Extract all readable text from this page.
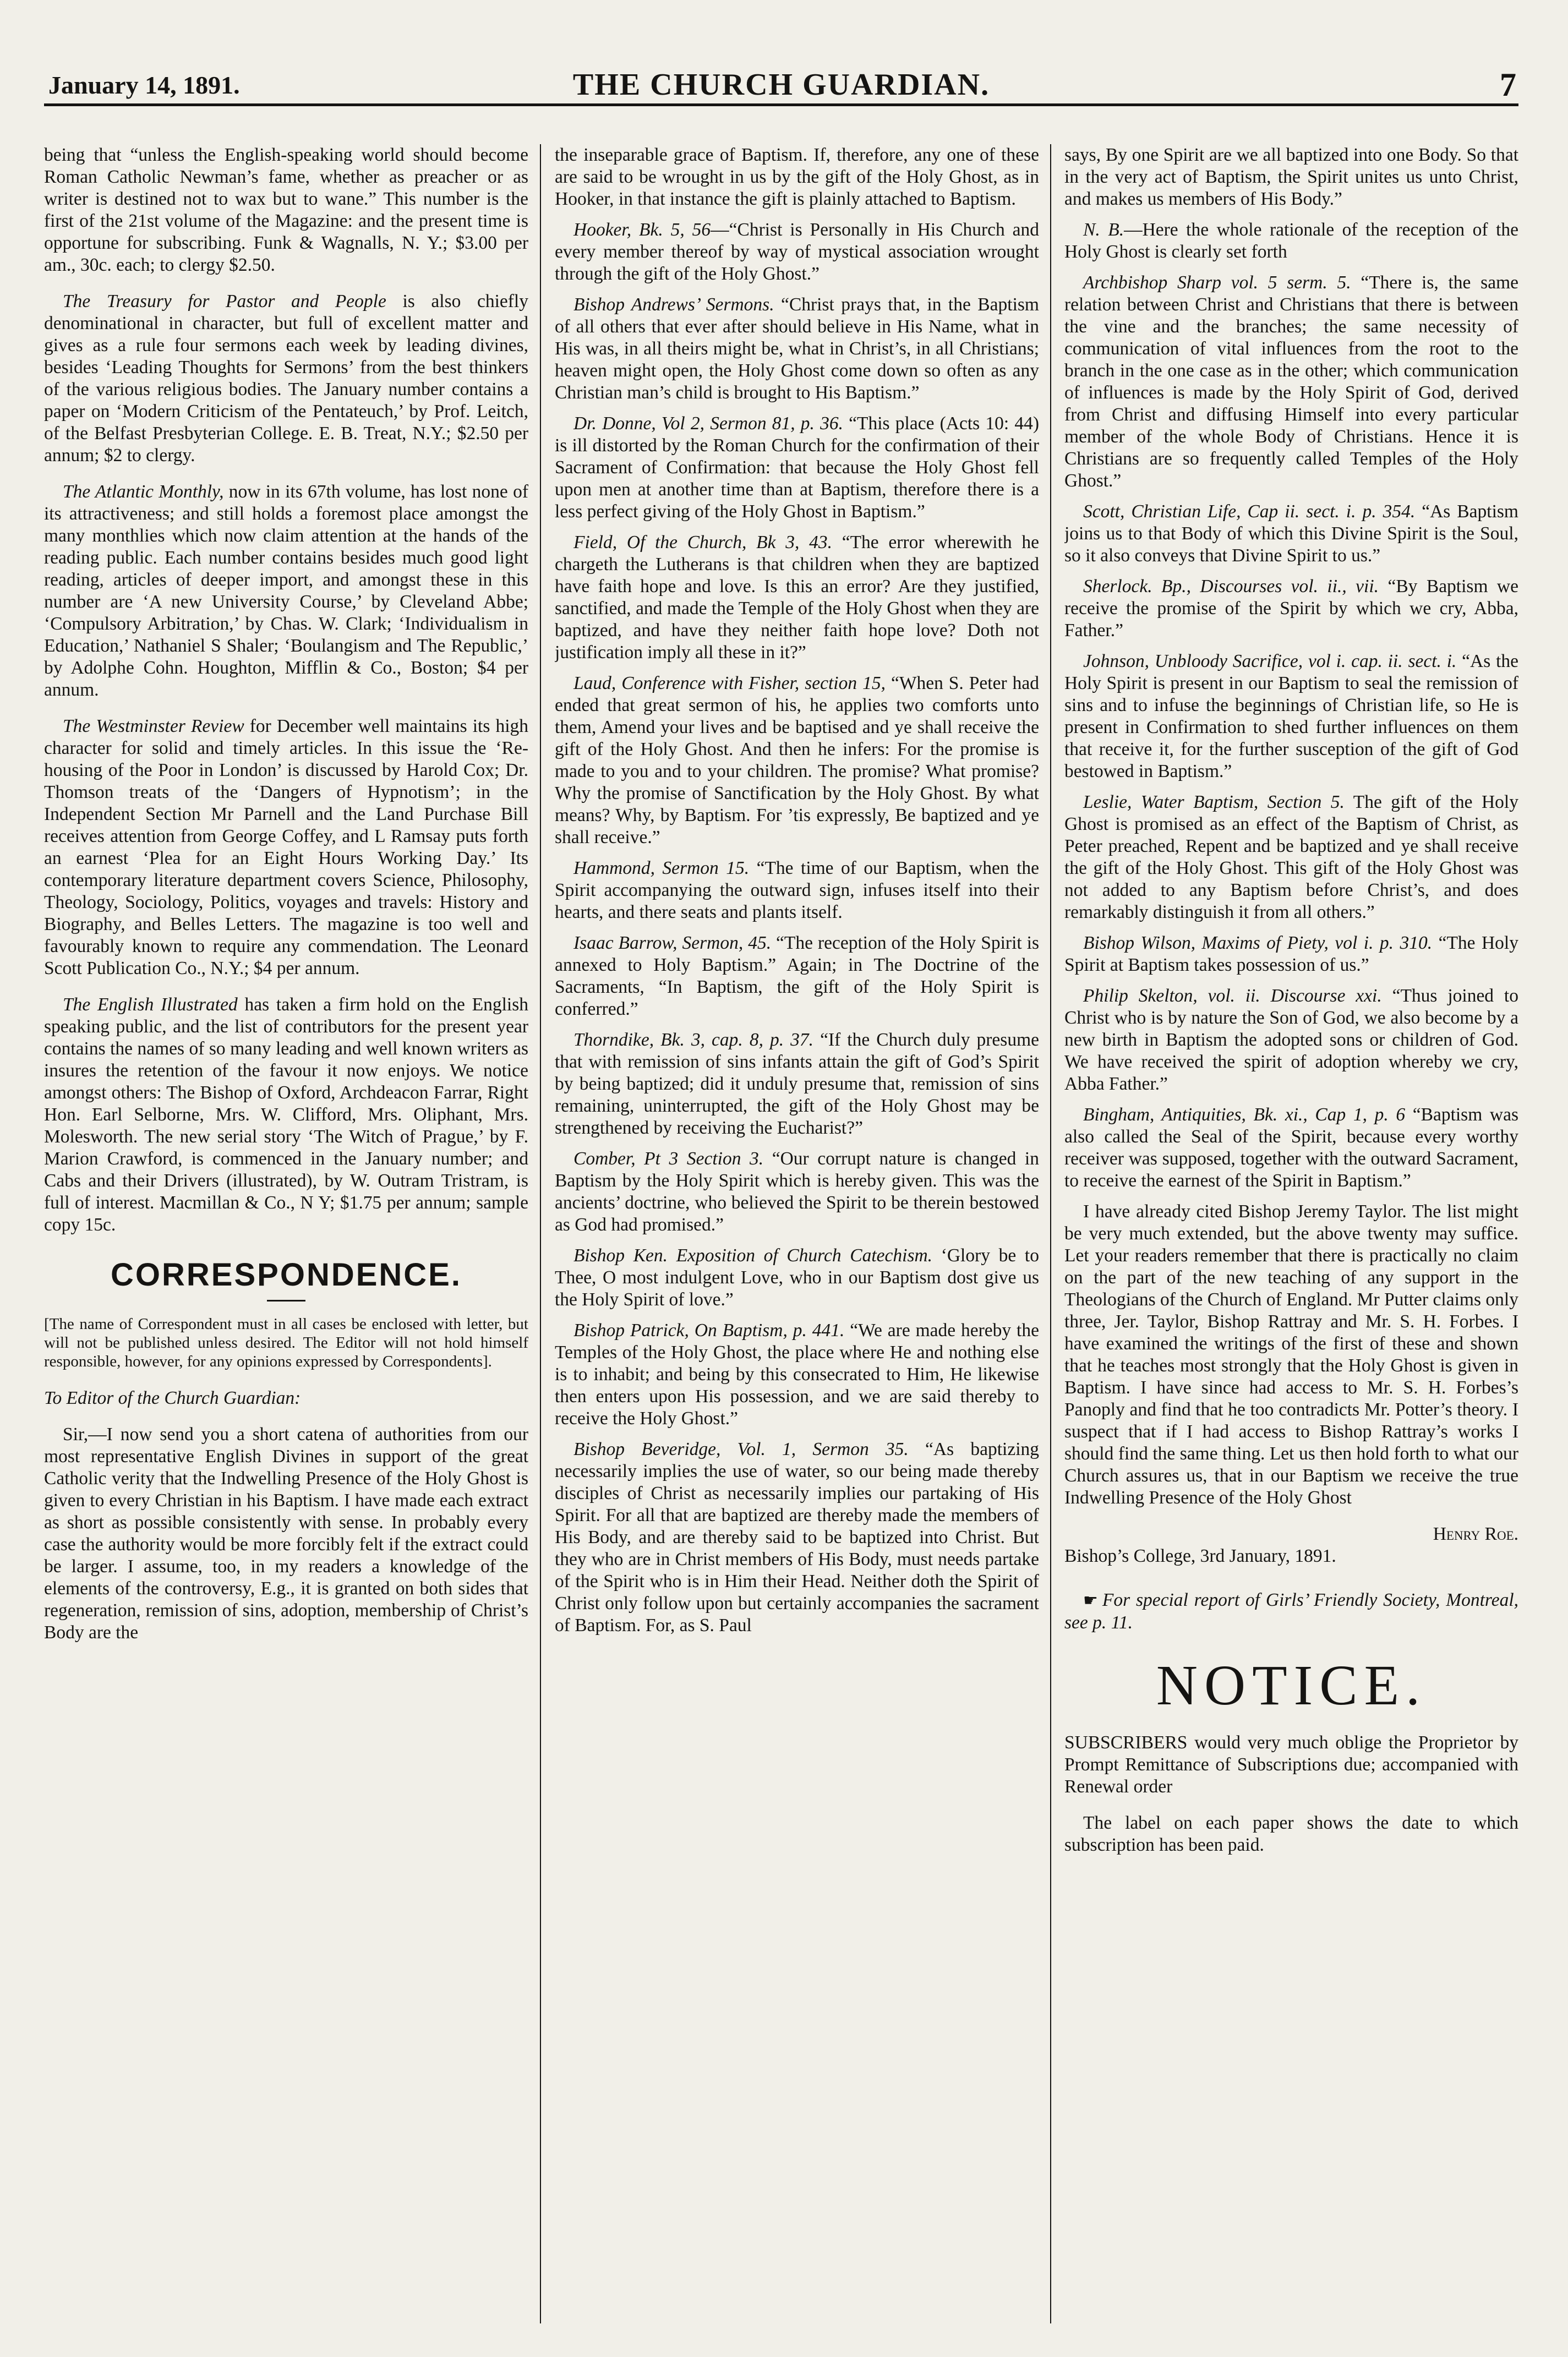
January 14, 1891.	THE CHURCH GUARDIAN.	7

being that “unless the English-speaking world should become Roman Catholic Newman’s fame, whether as preacher or as writer is destined not to wax but to wane.” This number is the first of the 21st volume of the Magazine: and the present time is opportune for subscribing. Funk & Wagnalls, N. Y.; $3.00 per am., 30c. each; to clergy $2.50.

The Treasury for Pastor and People is also chiefly denominational in character, but full of excellent matter and gives as a rule four sermons each week by leading divines, besides ‘Leading Thoughts for Sermons’ from the best thinkers of the various religious bodies. The January number contains a paper on ‘Modern Criticism of the Pentateuch,’ by Prof. Leitch, of the Belfast Presbyterian College. E. B. Treat, N.Y.; $2.50 per annum; $2 to clergy.

The Atlantic Monthly, now in its 67th volume, has lost none of its attractiveness; and still holds a foremost place amongst the many monthlies which now claim attention at the hands of the reading public. Each number contains besides much good light reading, articles of deeper import, and amongst these in this number are ‘A new University Course,’ by Cleveland Abbe; ‘Compulsory Arbitration,’ by Chas. W. Clark; ‘Individualism in Education,’ Nathaniel S Shaler; ‘Boulangism and The Republic,’ by Adolphe Cohn. Houghton, Mifflin & Co., Boston; $4 per annum.

The Westminster Review for December well maintains its high character for solid and timely articles. In this issue the ‘Re-housing of the Poor in London’ is discussed by Harold Cox; Dr. Thomson treats of the ‘Dangers of Hypnotism’; in the Independent Section Mr Parnell and the Land Purchase Bill receives attention from George Coffey, and L Ramsay puts forth an earnest ‘Plea for an Eight Hours Working Day.’ Its contemporary literature department covers Science, Philosophy, Theology, Sociology, Politics, voyages and travels: History and Biography, and Belles Letters. The magazine is too well and favourably known to require any commendation. The Leonard Scott Publication Co., N.Y.; $4 per annum.

The English Illustrated has taken a firm hold on the English speaking public, and the list of contributors for the present year contains the names of so many leading and well known writers as insures the retention of the favour it now enjoys. We notice amongst others: The Bishop of Oxford, Archdeacon Farrar, Right Hon. Earl Selborne, Mrs. W. Clifford, Mrs. Oliphant, Mrs. Molesworth. The new serial story ‘The Witch of Prague,’ by F. Marion Crawford, is commenced in the January number; and Cabs and their Drivers (illustrated), by W. Outram Tristram, is full of interest. Macmillan & Co., N Y; $1.75 per annum; sample copy 15c.

CORRESPONDENCE.

[The name of Correspondent must in all cases be enclosed with letter, but will not be published unless desired. The Editor will not hold himself responsible, however, for any opinions expressed by Correspondents].

To Editor of the Church Guardian:

Sir,—I now send you a short catena of authorities from our most representative English Divines in support of the great Catholic verity that the Indwelling Presence of the Holy Ghost is given to every Christian in his Baptism. I have made each extract as short as possible consistently with sense. In probably every case the authority would be more forcibly felt if the extract could be larger. I assume, too, in my readers a knowledge of the elements of the controversy, E.g., it is granted on both sides that regeneration, remission of sins, adoption, membership of Christ’s Body are the

the inseparable grace of Baptism. If, therefore, any one of these are said to be wrought in us by the gift of the Holy Ghost, as in Hooker, in that instance the gift is plainly attached to Baptism.

Hooker, Bk. 5, 56—“Christ is Personally in His Church and every member thereof by way of mystical association wrought through the gift of the Holy Ghost.”

Bishop Andrews’ Sermons. “Christ prays that, in the Baptism of all others that ever after should believe in His Name, what in His was, in all theirs might be, what in Christ’s, in all Christians; heaven might open, the Holy Ghost come down so often as any Christian man’s child is brought to His Baptism.”

Dr. Donne, Vol 2, Sermon 81, p. 36. “This place (Acts 10: 44) is ill distorted by the Roman Church for the confirmation of their Sacrament of Confirmation: that because the Holy Ghost fell upon men at another time than at Baptism, therefore there is a less perfect giving of the Holy Ghost in Baptism.”

Field, Of the Church, Bk 3, 43. “The error wherewith he chargeth the Lutherans is that children when they are baptized have faith hope and love. Is this an error? Are they justified, sanctified, and made the Temple of the Holy Ghost when they are baptized, and have they neither faith hope love? Doth not justification imply all these in it?”

Laud, Conference with Fisher, section 15, “When S. Peter had ended that great sermon of his, he applies two comforts unto them, Amend your lives and be baptised and ye shall receive the gift of the Holy Ghost. And then he infers: For the promise is made to you and to your children. The promise? What promise? Why the promise of Sanctification by the Holy Ghost. By what means? Why, by Baptism. For ’tis expressly, Be baptized and ye shall receive.”

Hammond, Sermon 15. “The time of our Baptism, when the Spirit accompanying the outward sign, infuses itself into their hearts, and there seats and plants itself.

Isaac Barrow, Sermon, 45. “The reception of the Holy Spirit is annexed to Holy Baptism.” Again; in The Doctrine of the Sacraments, “In Baptism, the gift of the Holy Spirit is conferred.”

Thorndike, Bk. 3, cap. 8, p. 37. “If the Church duly presume that with remission of sins infants attain the gift of God’s Spirit by being baptized; did it unduly presume that, remission of sins remaining, uninterrupted, the gift of the Holy Ghost may be strengthened by receiving the Eucharist?”

Comber, Pt 3 Section 3. “Our corrupt nature is changed in Baptism by the Holy Spirit which is hereby given. This was the ancients’ doctrine, who believed the Spirit to be therein bestowed as God had promised.”

Bishop Ken. Exposition of Church Catechism. ‘Glory be to Thee, O most indulgent Love, who in our Baptism dost give us the Holy Spirit of love.”

Bishop Patrick, On Baptism, p. 441. “We are made hereby the Temples of the Holy Ghost, the place where He and nothing else is to inhabit; and being by this consecrated to Him, He likewise then enters upon His possession, and we are said thereby to receive the Holy Ghost.”

Bishop Beveridge, Vol. 1, Sermon 35. “As baptizing necessarily implies the use of water, so our being made thereby disciples of Christ as necessarily implies our partaking of His Spirit. For all that are baptized are thereby made the members of His Body, and are thereby said to be baptized into Christ. But they who are in Christ members of His Body, must needs partake of the Spirit who is in Him their Head. Neither doth the Spirit of Christ only follow upon but certainly accompanies the sacrament of Baptism. For, as S. Paul

says, By one Spirit are we all baptized into one Body. So that in the very act of Baptism, the Spirit unites us unto Christ, and makes us members of His Body.”

N. B.—Here the whole rationale of the reception of the Holy Ghost is clearly set forth

Archbishop Sharp vol. 5 serm. 5. “There is, the same relation between Christ and Christians that there is between the vine and the branches; the same necessity of communication of vital influences from the root to the branch in the one case as in the other; which communication of influences is made by the Holy Spirit of God, derived from Christ and diffusing Himself into every particular member of the whole Body of Christians. Hence it is Christians are so frequently called Temples of the Holy Ghost.”

Scott, Christian Life, Cap ii. sect. i. p. 354. “As Baptism joins us to that Body of which this Divine Spirit is the Soul, so it also conveys that Divine Spirit to us.”

Sherlock. Bp., Discourses vol. ii., vii. “By Baptism we receive the promise of the Spirit by which we cry, Abba, Father.”

Johnson, Unbloody Sacrifice, vol i. cap. ii. sect. i. “As the Holy Spirit is present in our Baptism to seal the remission of sins and to infuse the beginnings of Christian life, so He is present in Confirmation to shed further influences on them that receive it, for the further susception of the gift of God bestowed in Baptism.”

Leslie, Water Baptism, Section 5. The gift of the Holy Ghost is promised as an effect of the Baptism of Christ, as Peter preached, Repent and be baptized and ye shall receive the gift of the Holy Ghost. This gift of the Holy Ghost was not added to any Baptism before Christ’s, and does remarkably distinguish it from all others.”

Bishop Wilson, Maxims of Piety, vol i. p. 310. “The Holy Spirit at Baptism takes possession of us.”

Philip Skelton, vol. ii. Discourse xxi. “Thus joined to Christ who is by nature the Son of God, we also become by a new birth in Baptism the adopted sons or children of God. We have received the spirit of adoption whereby we cry, Abba Father.”

Bingham, Antiquities, Bk. xi., Cap 1, p. 6 “Baptism was also called the Seal of the Spirit, because every worthy receiver was supposed, together with the outward Sacrament, to receive the earnest of the Spirit in Baptism.”

I have already cited Bishop Jeremy Taylor. The list might be very much extended, but the above twenty may suffice. Let your readers remember that there is practically no claim on the part of the new teaching of any support in the Theologians of the Church of England. Mr Putter claims only three, Jer. Taylor, Bishop Rattray and Mr. S. H. Forbes. I have examined the writings of the first of these and shown that he teaches most strongly that the Holy Ghost is given in Baptism. I have since had access to Mr. S. H. Forbes’s Panoply and find that he too contradicts Mr. Potter’s theory. I suspect that if I had access to Bishop Rattray’s works I should find the same thing. Let us then hold forth to what our Church assures us, that in our Baptism we receive the true Indwelling Presence of the Holy Ghost

Henry Roe.

Bishop’s College, 3rd January, 1891.

☛ For special report of Girls’ Friendly Society, Montreal, see p. 11.

NOTICE.

SUBSCRIBERS would very much oblige the Proprietor by Prompt Remittance of Subscriptions due; accompanied with Renewal order

The label on each paper shows the date to which subscription has been paid.
